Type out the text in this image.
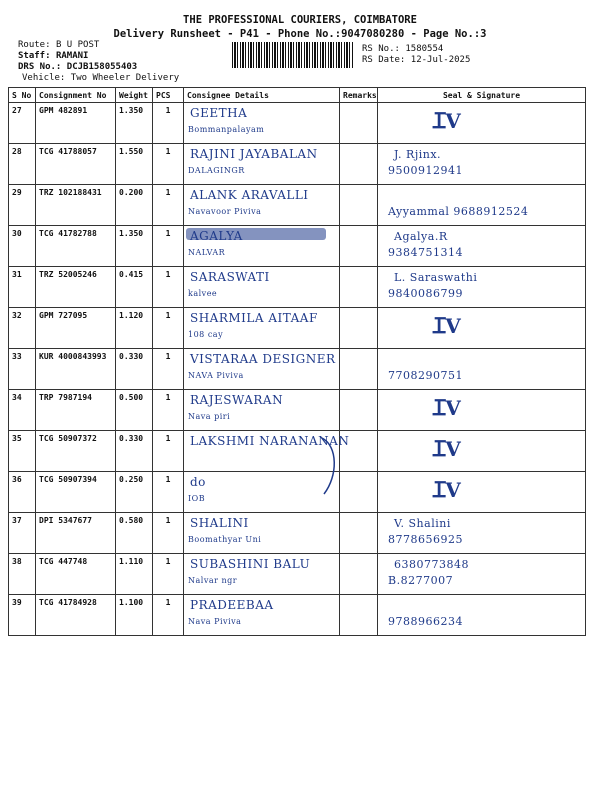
THE PROFESSIONAL COURIERS, COIMBATORE
Delivery Runsheet - P41 - Phone No.:9047080280 - Page No.:3
Route: B U POST
Staff: RAMANI
DRS No.: DCJB158055403
Vehicle: Two Wheeler Delivery
RS No.: 1580554
RS Date: 12-Jul-2025
S No	Consignment No	Weight	PCS	Consignee Details	Remarks	Seal & Signature
27	GPM 482891	1.350	1	GEETHA
Bommanpalayam		ꓕ̅V

28	TCG 41788057	1.550	1	RAJINI JAYABALAN
DALAGINGR		J. Rjinx.
9500912941

29	TRZ 102188431	0.200	1	ALANK ARAVALLI
Navavoor Piviva		Ayyammal 9688912524

30	TCG 41782788	1.350	1	AGALYA
NALVAR		Agalya.R
9384751314

31	TRZ 52005246	0.415	1	SARASWATI
kalvee		L. Saraswathi
9840086799

32	GPM 727095	1.120	1	SHARMILA AITAAF
108 cay		ꓕ̅V

33	KUR 4000843993	0.330	1	VISTARAA DESIGNER
NAVA Piviva		7708290751

34	TRP 7987194	0.500	1	RAJESWARAN
Nava piri		ꓕ̅V

35	TCG 50907372	0.330	1	LAKSHMI NARANANAN		ꓕ̅V

36	TCG 50907394	0.250	1	do
IOB		ꓕ̅V

37	DPI 5347677	0.580	1	SHALINI
Boomathyar Uni		V. Shalini
8778656925

38	TCG 447748	1.110	1	SUBASHINI BALU
Nalvar ngr		6380773848
B.8277007

39	TCG 41784928	1.100	1	PRADEEBAA
Nava Piviva		9788966234
